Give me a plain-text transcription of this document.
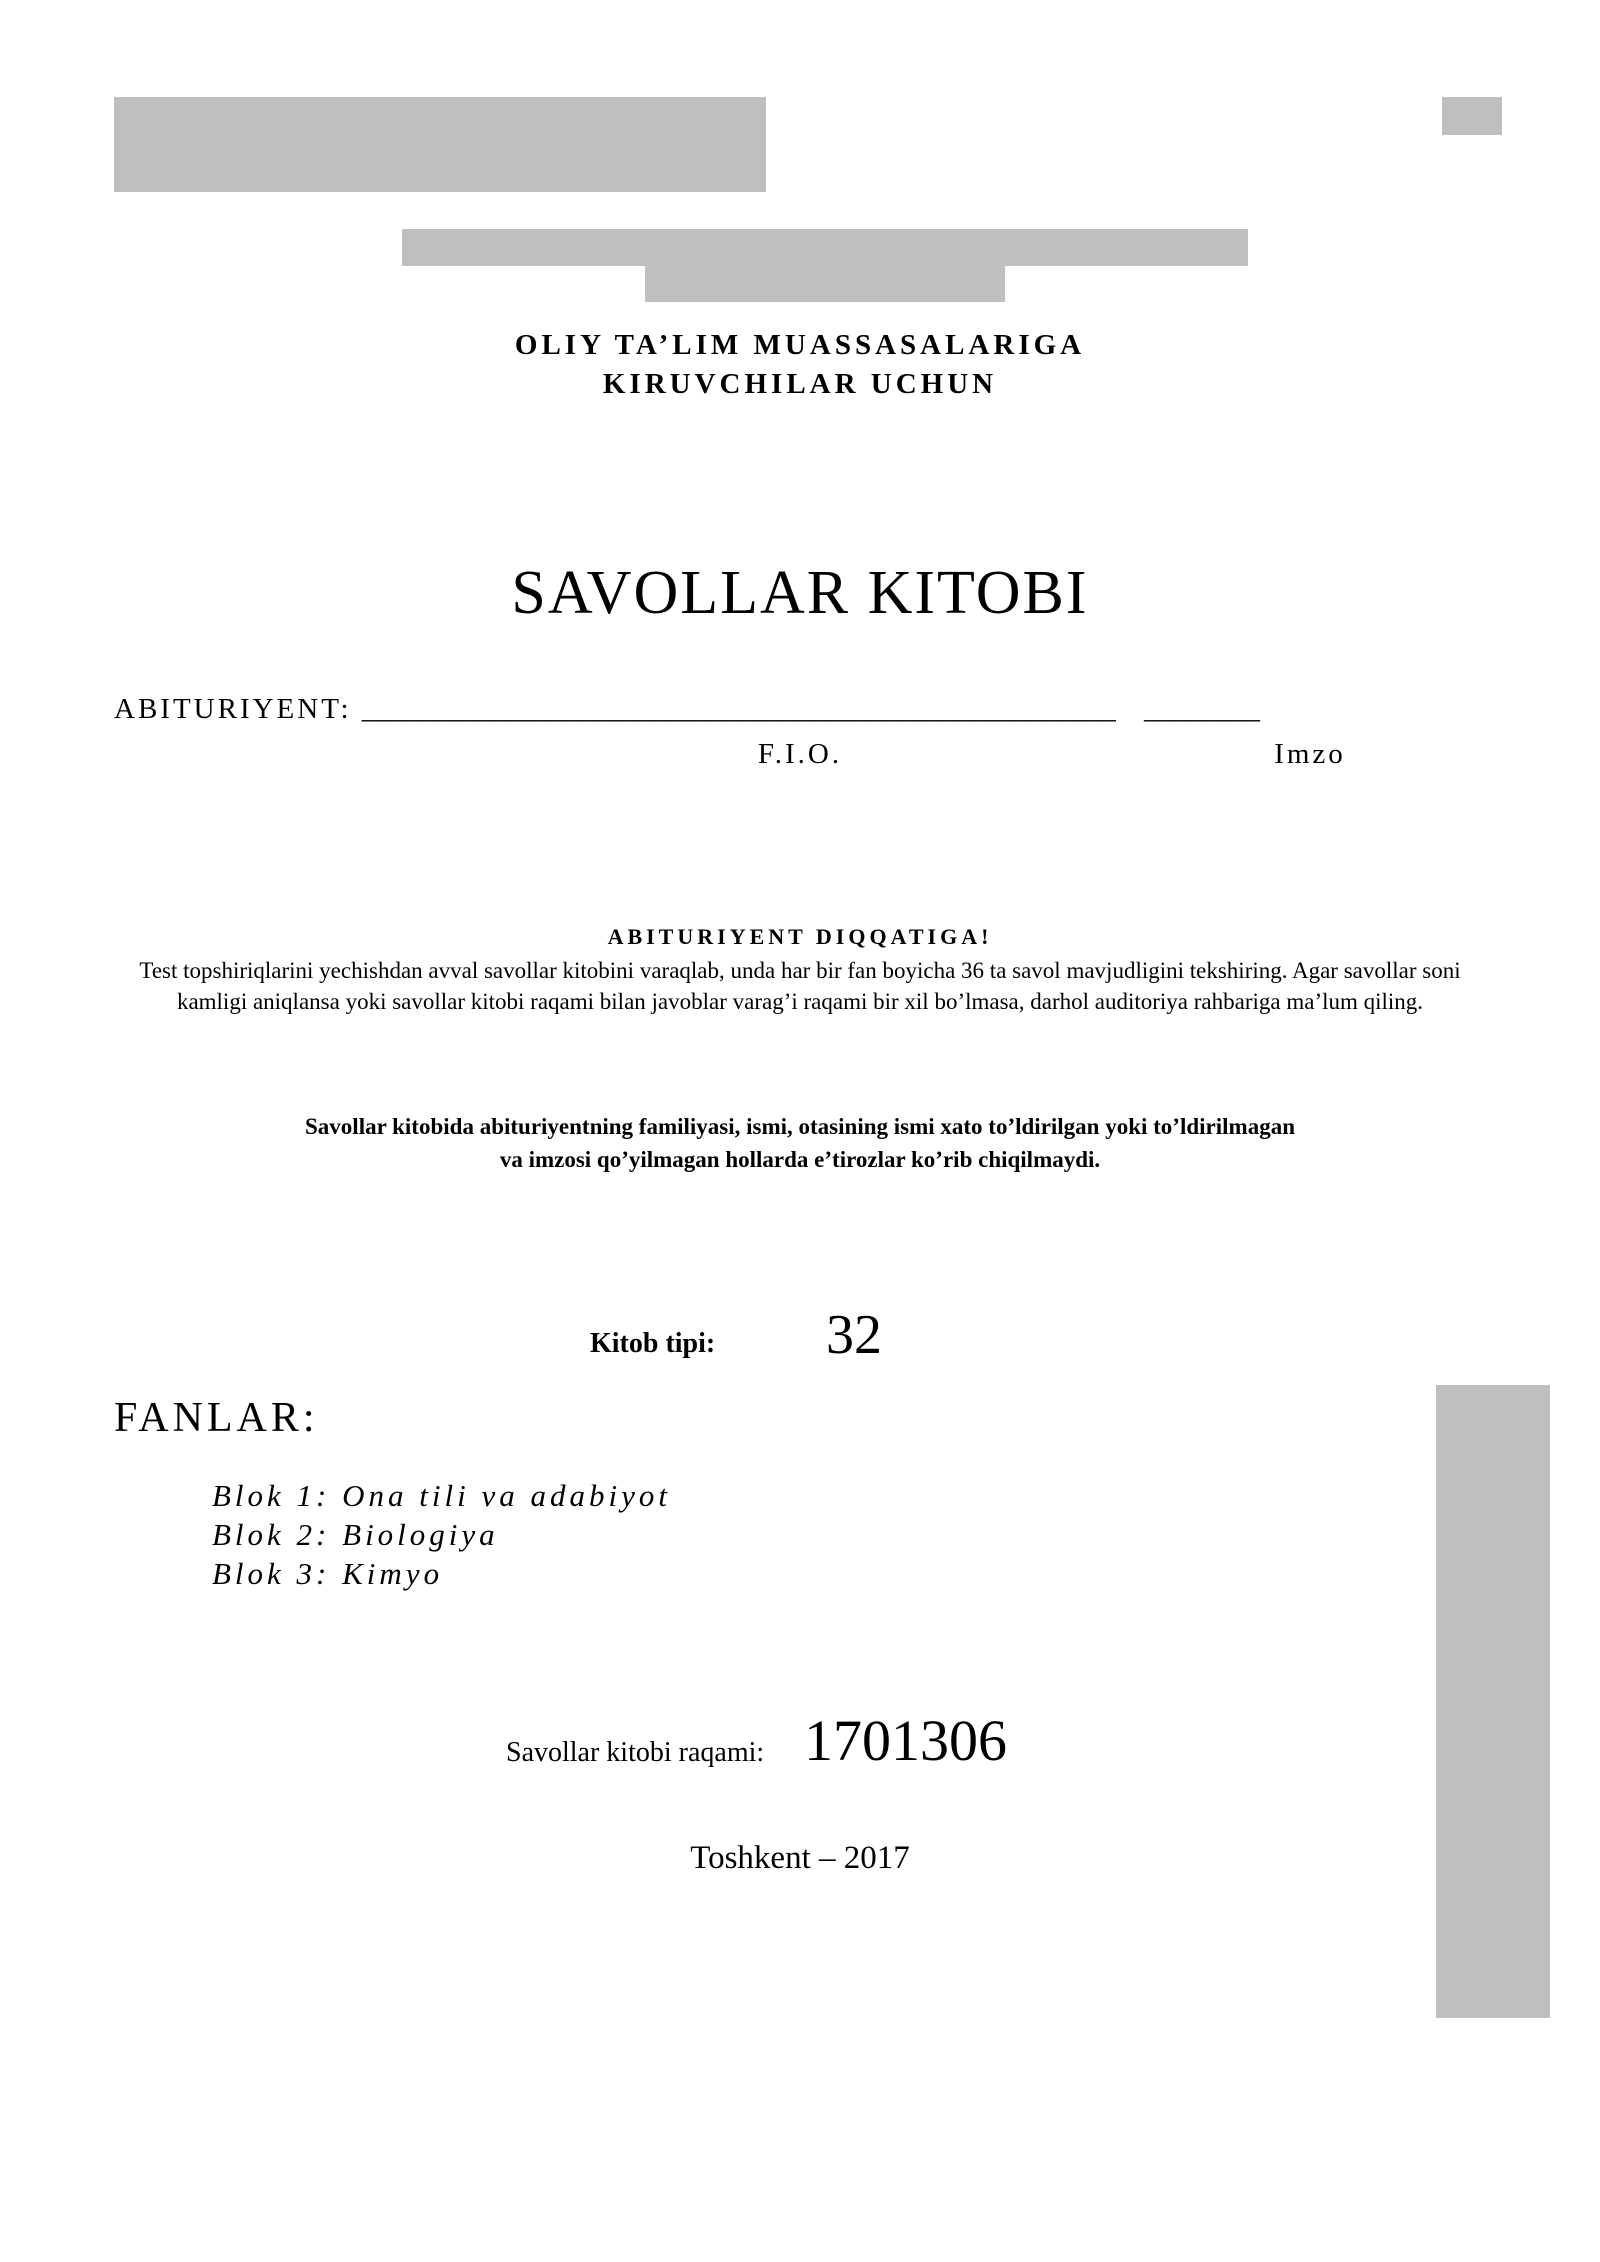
OLIY TA’LIM MUASSASALARIGA
KIRUVCHILAR UCHUN
SAVOLLAR KITOBI
ABITURIYENT: ____________________________________________________ ________
F.I.O.	Imzo
ABITURIYENT DIQQATIGA!
Test topshiriqlarini yechishdan avval savollar kitobini varaqlab, unda har bir fan boyicha 36 ta savol mavjudligini tekshiring. Agar savollar soni kamligi aniqlansa yoki savollar kitobi raqami bilan javoblar varag’i raqami bir xil bo’lmasa, darhol auditoriya rahbariga ma’lum qiling.
Savollar kitobida abituriyentning familiyasi, ismi, otasining ismi xato to’ldirilgan yoki to’ldirilmagan
va imzosi qo’yilmagan hollarda e’tirozlar ko’rib chiqilmaydi.
Kitob tipi: 32
FANLAR:
Blok 1: Ona tili va adabiyot
Blok 2: Biologiya
Blok 3: Kimyo
Savollar kitobi raqami: 1701306
Toshkent – 2017
